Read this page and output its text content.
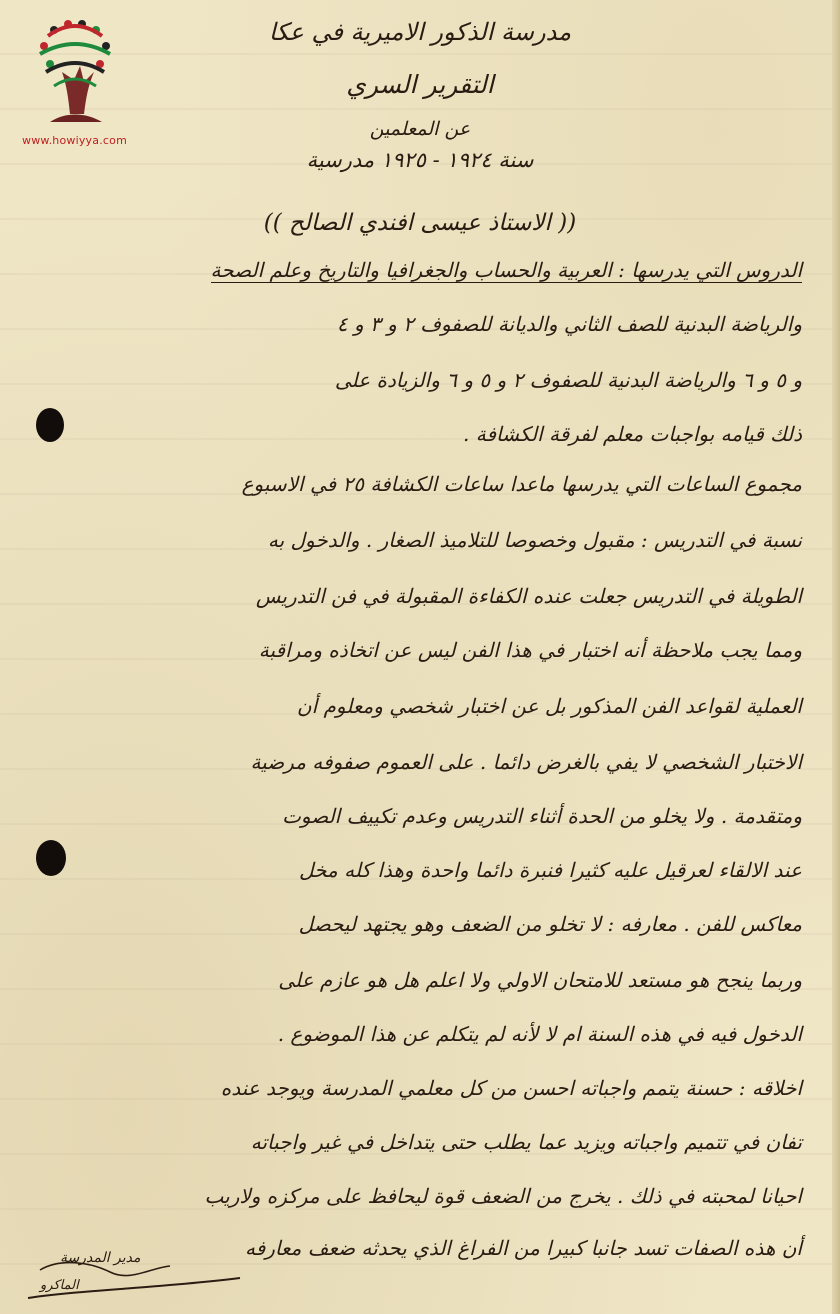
www.howiyya.com
مدرسة الذكور الاميرية في عكا
التقرير السري
عن المعلمين
سنة ١٩٢٤ - ١٩٢٥ مدرسية
(( الاستاذ عيسى افندي الصالح ))
الدروس التي يدرسها : العربية والحساب والجغرافيا والتاريخ وعلم الصحة
والرياضة البدنية للصف الثاني والديانة للصفوف ٢ و ٣ و ٤
و ٥ و ٦ والرياضة البدنية للصفوف ٢ و ٥ و ٦ والزيادة على
ذلك قيامه بواجبات معلم لفرقة الكشافة .
مجموع الساعات التي يدرسها ماعدا ساعات الكشافة ٢٥ في الاسبوع
نسبة في التدريس : مقبول وخصوصا للتلاميذ الصغار . والدخول به
الطويلة في التدريس جعلت عنده الكفاءة المقبولة في فن التدريس
ومما يجب ملاحظة أنه اختبار في هذا الفن ليس عن اتخاذه ومراقبة
العملية لقواعد الفن المذكور بل عن اختبار شخصي ومعلوم أن
الاختبار الشخصي لا يفي بالغرض دائما . على العموم صفوفه مرضية
ومتقدمة . ولا يخلو من الحدة أثناء التدريس وعدم تكييف الصوت
عند الالقاء لعرقيل عليه كثيرا فنبرة دائما واحدة وهذا كله مخل
معاكس للفن . معارفه : لا تخلو من الضعف وهو يجتهد ليحصل
وربما ينجح هو مستعد للامتحان الاولي ولا اعلم هل هو عازم على
الدخول فيه في هذه السنة ام لا لأنه لم يتكلم عن هذا الموضوع .
اخلاقه : حسنة يتمم واجباته احسن من كل معلمي المدرسة ويوجد عنده
تفان في تتميم واجباته ويزيد عما يطلب حتى يتداخل في غير واجباته
احيانا لمحبته في ذلك . يخرج من الضعف قوة ليحافظ على مركزه ولاريب
أن هذه الصفات تسد جانبا كبيرا من الفراغ الذي يحدثه ضعف معارفه
مدير المدرسة
الماكرو
